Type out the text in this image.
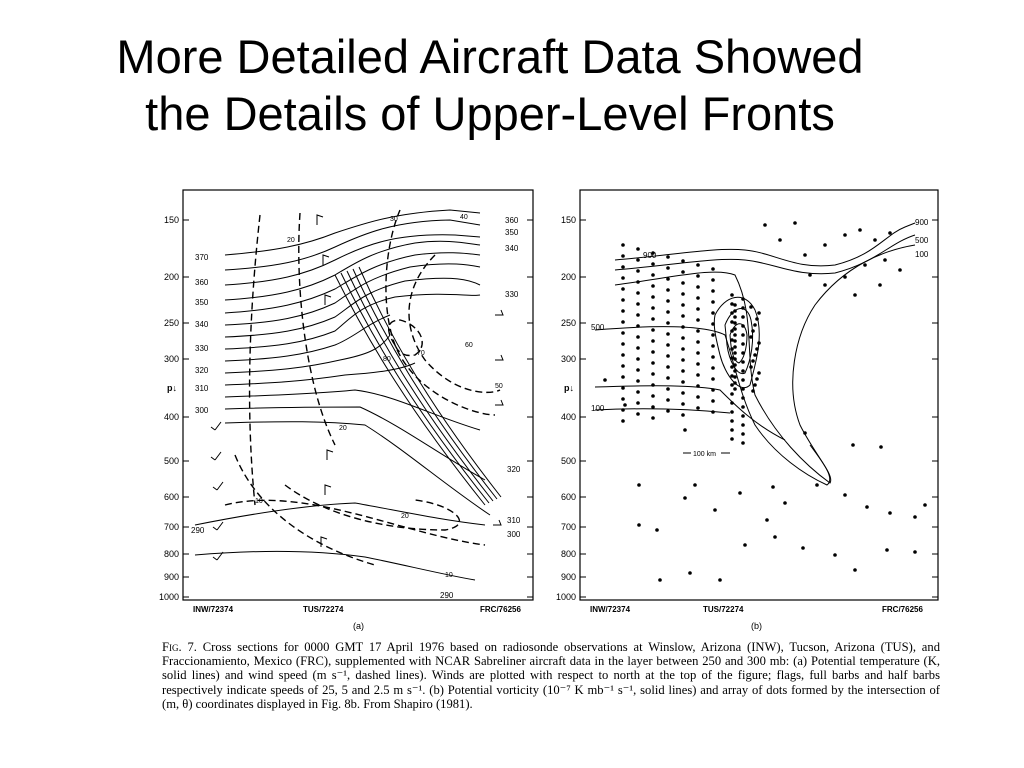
More Detailed Aircraft Data Showed
the Details of Upper-Level Fronts
150
200
250
300
400
500
600
700
800
900
1000
p↓
360
350
340
330
320
310
300
370
360
350
340
330
320
310
300
290
290
20
30	40
60
70
80
50
20
10
20
10
INW/72374	TUS/72274	FRC/76256
(a)
150
200
250
300
400
500
600
700
800
900
1000
p↓
900
500
100
900
500
100
100 km
INW/72374	TUS/72274	FRC/76256
(b)
Fig. 7. Cross sections for 0000 GMT 17 April 1976 based on radiosonde observations at Winslow, Arizona (INW), Tucson, Arizona (TUS), and Fraccionamiento, Mexico (FRC), supplemented with NCAR Sabreliner aircraft data in the layer between 250 and 300 mb: (a) Potential temperature (K, solid lines) and wind speed (m s⁻¹, dashed lines). Winds are plotted with respect to north at the top of the figure; flags, full barbs and half barbs respectively indicate speeds of 25, 5 and 2.5 m s⁻¹. (b) Potential vorticity (10⁻⁷ K mb⁻¹ s⁻¹, solid lines) and array of dots formed by the intersection of (m, θ) coordinates displayed in Fig. 8b. From Shapiro (1981).
